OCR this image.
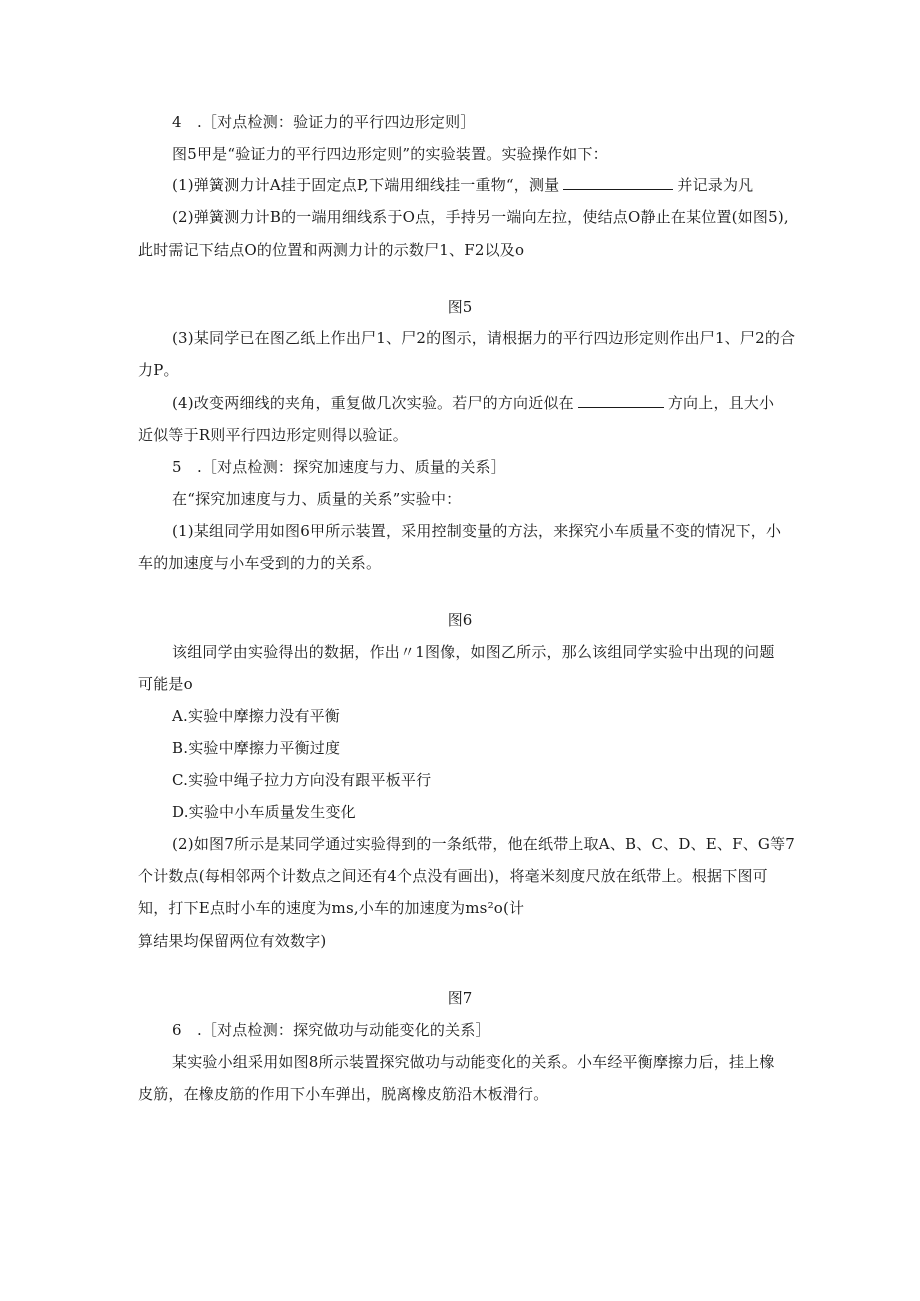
4　.［对点检测：验证力的平行四边形定则］
图5甲是“验证力的平行四边形定则”的实验装置。实验操作如下：
(1)弹簧测力计A挂于固定点P,下端用细线挂一重物“，测量	并记录为凡
(2)弹簧测力计B的一端用细线系于O点，手持另一端向左拉，使结点O静止在某位置(如图5),
此时需记下结点O的位置和两测力计的示数尸1、F2以及o
图5
(3)某同学已在图乙纸上作出尸1、尸2的图示，请根据力的平行四边形定则作出尸1、尸2的合
力P。
(4)改变两细线的夹角，重复做几次实验。若尸的方向近似在	方向上，且大小
近似等于R则平行四边形定则得以验证。
5　.［对点检测：探究加速度与力、质量的关系］
在“探究加速度与力、质量的关系”实验中：
(1)某组同学用如图6甲所示装置，采用控制变量的方法，来探究小车质量不变的情况下，小
车的加速度与小车受到的力的关系。
图6
该组同学由实验得出的数据，作出〃1图像，如图乙所示，那么该组同学实验中出现的问题
可能是o
A.实验中摩擦力没有平衡
B.实验中摩擦力平衡过度
C.实验中绳子拉力方向没有跟平板平行
D.实验中小车质量发生变化
(2)如图7所示是某同学通过实验得到的一条纸带，他在纸带上取A、B、C、D、E、F、G等7
个计数点(每相邻两个计数点之间还有4个点没有画出)，将毫米刻度尺放在纸带上。根据下图可
知，打下E点时小车的速度为ms,小车的加速度为ms²o(计
算结果均保留两位有效数字)
图7
6　.［对点检测：探究做功与动能变化的关系］
某实验小组采用如图8所示装置探究做功与动能变化的关系。小车经平衡摩擦力后，挂上橡
皮筋，在橡皮筋的作用下小车弹出，脱离橡皮筋沿木板滑行。
